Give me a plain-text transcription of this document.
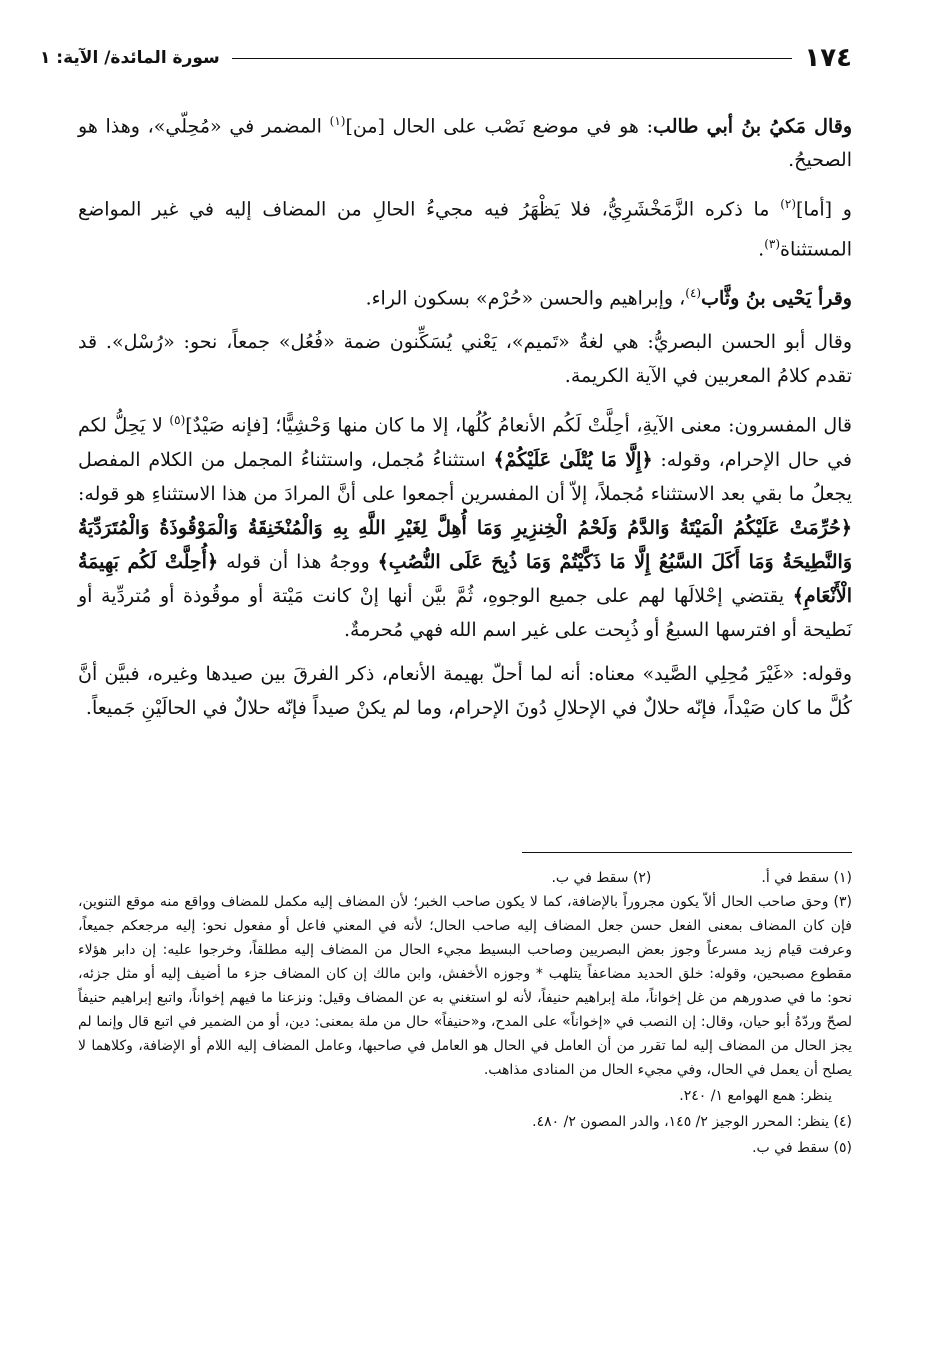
١٧٤
سورة المائدة/ الآية: ١

وقال مَكيُ بنُ أبي طالب: هو في موضع نَصْب على الحال [من]$^{(١)}$ المضمر في «مُحِلّي»، وهذا هو الصحيحُ.

و [أما]$^{(٢)}$ ما ذكره الزَّمَخْشَرِيُّ، فلا يَظْهَرُ فيه مجيءُ الحالِ من المضاف إليه في غير المواضع المستثناة$^{(٣)}$.

وقرأ يَحْيى بنُ وثَّاب$^{(٤)}$، وإبراهيم والحسن «حُرْم» بسكون الراء.

وقال أبو الحسن البصريُّ: هي لغةُ «تَميم»، يَعْني يُسَكِّنون ضمة «فُعُل» جمعاً، نحو: «رُسْل». قد تقدم كلامُ المعربين في الآية الكريمة.

قال المفسرون: معنى الآيةِ، أحِلَّتْ لَكُم الأنعامُ كُلُها، إلا ما كان منها وَحْشِيًّا؛ [فإنه صَيْدٌ]$^{(٥)}$ لا يَحِلُّ لكم في حال الإحرام، وقوله: ﴿إِلَّا مَا يُتْلَىٰ عَلَيْكُمْ﴾ استثناءُ مُجمل، واستثناءُ المجمل من الكلام المفصل يجعلُ ما بقي بعد الاستثناء مُجملاً، إلاّ أن المفسرين أجمعوا على أنَّ المرادَ من هذا الاستثناءِ هو قوله: ﴿حُرِّمَتْ عَلَيْكُمُ الْمَيْتَةُ وَالدَّمُ وَلَحْمُ الْخِنزِيرِ وَمَا أُهِلَّ لِغَيْرِ اللَّهِ بِهِ وَالْمُنْخَنِقَةُ وَالْمَوْقُوذَةُ وَالْمُتَرَدِّيَةُ وَالنَّطِيحَةُ وَمَا أَكَلَ السَّبُعُ إِلَّا مَا ذَكَّيْتُمْ وَمَا ذُبِحَ عَلَى النُّصُبِ﴾ ووجهُ هذا أن قوله ﴿أُحِلَّتْ لَكُم بَهِيمَةُ الْأَنْعَامِ﴾ يقتضي إحْلالَها لهم على جميع الوجوهِ، ثُمَّ بيَّن أنها إنْ كانت مَيْتة أو موقُوذة أو مُتردِّية أو نَطيحة أو افترسها السبعُ أو ذُبِحت على غير اسم الله فهي مُحرمةٌ.

وقوله: «غَيْرَ مُحِلِي الصَّيد» معناه: أنه لما أحلّ بهيمة الأنعام، ذكر الفرقَ بين صيدها وغيره، فبيَّن أنَّ كُلَّ ما كان صَيْداً، فإنّه حلالٌ في الإحلالِ دُونَ الإحرام، وما لم يكنْ صيداً فإنّه حلالٌ في الحالَيْنِ جَميعاً.

(١) سقط في أ.
(٢) سقط في ب.

(٣) وحق صاحب الحال ألاّ يكون مجروراً بالإضافة، كما لا يكون صاحب الخبر؛ لأن المضاف إليه مكمل للمضاف وواقع منه موقع التنوين، فإن كان المضاف بمعنى الفعل حسن جعل المضاف إليه صاحب الحال؛ لأنه في المعني فاعل أو مفعول نحو: إليه مرجعكم جميعاً، وعرفت قيام زيد مسرعاً وجوز بعض البصريين وصاحب البسيط مجيء الحال من المضاف إليه مطلقاً، وخرجوا عليه: إن دابر هؤلاء مقطوع مصبحين، وقوله: خلق الحديد مضاعفاً يتلهب * وجوزه الأخفش، وابن مالك إن كان المضاف جزء ما أضيف إليه أو مثل جزئه، نحو: ما في صدورهم من غل إخواناً، ملة إبراهيم حنيفاً، لأنه لو استغني به عن المضاف وقيل: ونزعنا ما فيهم إخواناً، واتبع إبراهيم حنيفاً لصحّ وردّهُ أبو حيان، وقال: إن النصب في «إخواناً» على المدح، و«حنيفاً» حال من ملة بمعنى: دين، أو من الضمير في اتبع قال وإنما لم يجز الحال من المضاف إليه لما تقرر من أن العامل في الحال هو العامل في صاحبها، وعامل المضاف إليه اللام أو الإضافة، وكلاهما لا يصلح أن يعمل في الحال، وفي مجيء الحال من المنادى مذاهب.

ينظر: همع الهوامع ١/ ٢٤٠.

(٤) ينظر: المحرر الوجيز ٢/ ١٤٥، والدر المصون ٢/ ٤٨٠.

(٥) سقط في ب.
